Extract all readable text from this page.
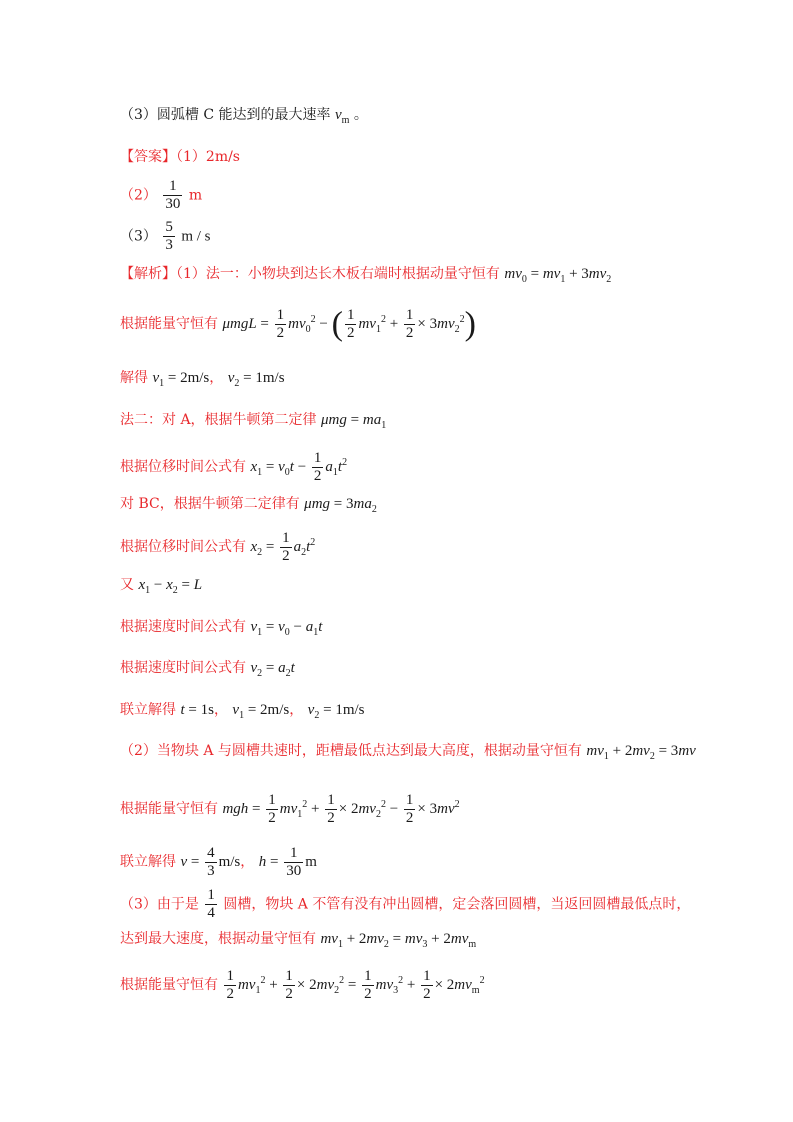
（3）圆弧槽 C 能达到的最大速率 $v_m$ 。
【答案】（1）2m/s
$(2) \frac{1}{30}$ m
$(3) \frac{5}{3}$ m / s
【解析】（1）法一：小物块到达长木板右端时根据动量守恒有 $mv_0 = mv_1 + 3mv_2$
根据能量守恒有 $\mu mgL = \frac{1}{2} mv_0^2$ − ( $\frac{1}{2} mv_1^2 + \frac{1}{2} \times 3mv_2^2$)
解得 $v_1 = 2m/s$， $v_2 = 1m/s$
法二：对 A，根据牛顿第二定律 $\mu mg = ma_1$
根据位移时间公式有 $x_1 = v_0t - \frac{1}{2} a_1t^2$
对 BC，根据牛顿第二定律有 $\mu mg = 3ma_2$
根据位移时间公式有 $x_2 = \frac{1}{2} a_2t^2$
又 $x_1 - x_2 = L$
根据速度时间公式有 $v_1 = v_0 - a_1t$
根据速度时间公式有 $v_2 = a_2t$
联立解得 t = 1s， $v_1 = 2m/s$， $v_2 = 1m/s$
（2）当物块 A 与圆槽共速时，距槽最低点达到最大高度，根据动量守恒有 $mv_1 + 2mv_2 = 3mv$
根据能量守恒有 mgh = $\frac{1}{2} mv_1^2 + \frac{1}{2} \times 2mv_2^2 - \frac{1}{2} \times 3mv^2$
联立解得 $v = \frac{4}{3} m/s$， $h = \frac{1}{30}$ m
（3）由于是 $\frac{1}{4}$ 圆槽，物块 A 不管有没有冲出圆槽，定会落回圆槽，当返回圆槽最低点时，
达到最大速度，根据动量守恒有 $mv_1 + 2mv_2 = mv_3 + 2mv_m$
根据能量守恒有 $\frac{1}{2} mv_1^2 + \frac{1}{2} \times 2mv_2^2 = \frac{1}{2} mv_3^2 + \frac{1}{2} \times 2mv_m^2$
